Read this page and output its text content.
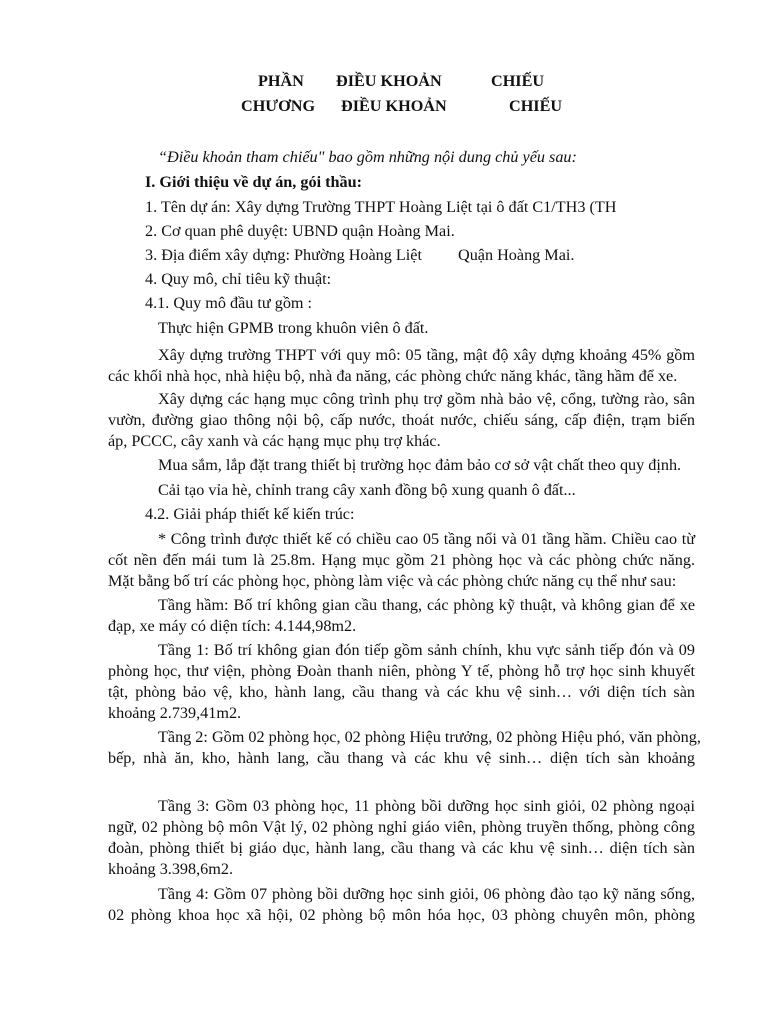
PHẦN ĐIỀU KHOẢN	CHIẾU
CHƯƠNG ĐIỀU KHOẢN	CHIẾU
“Điều khoản tham chiếu" bao gồm những nội dung chủ yếu sau:
I. Giới thiệu về dự án, gói thầu:
1. Tên dự án: Xây dựng Trường THPT Hoàng Liệt tại ô đất C1/TH3 (TH
2. Cơ quan phê duyệt: UBND quận Hoàng Mai.
3. Địa điểm xây dựng: Phường Hoàng Liệt Quận Hoàng Mai.
4. Quy mô, chỉ tiêu kỹ thuật:
4.1. Quy mô đầu tư gồm :
Thực hiện GPMB trong khuôn viên ô đất.
Xây dựng trường THPT với quy mô: 05 tầng, mật độ xây dựng khoảng 45% gồm
các khối nhà học, nhà hiệu bộ, nhà đa năng, các phòng chức năng khác, tầng hầm để xe.
Xây dựng các hạng mục công trình phụ trợ gồm nhà bảo vệ, cổng, tường rào, sân
vườn, đường giao thông nội bộ, cấp nước, thoát nước, chiếu sáng, cấp điện, trạm biến
áp, PCCC, cây xanh và các hạng mục phụ trợ khác.
Mua sắm, lắp đặt trang thiết bị trường học đảm bảo cơ sở vật chất theo quy định.
Cải tạo vỉa hè, chỉnh trang cây xanh đồng bộ xung quanh ô đất...
4.2. Giải pháp thiết kế kiến trúc:
* Công trình được thiết kế có chiều cao 05 tầng nổi và 01 tầng hầm. Chiều cao từ
cốt nền đến mái tum là 25.8m. Hạng mục gồm 21 phòng học và các phòng chức năng.
Mặt bằng bố trí các phòng học, phòng làm việc và các phòng chức năng cụ thể như sau:
Tầng hầm: Bố trí không gian cầu thang, các phòng kỹ thuật, và không gian để xe
đạp, xe máy có diện tích: 4.144,98m2.
Tầng 1: Bố trí không gian đón tiếp gồm sảnh chính, khu vực sảnh tiếp đón và 09
phòng học, thư viện, phòng Đoàn thanh niên, phòng Y tế, phòng hỗ trợ học sinh khuyết
tật, phòng bảo vệ, kho, hành lang, cầu thang và các khu vệ sinh… với diện tích sàn
khoảng 2.739,41m2.
Tầng 2: Gồm 02 phòng học, 02 phòng Hiệu trưởng, 02 phòng Hiệu phó, văn phòng,
bếp, nhà ăn, kho, hành lang, cầu thang và các khu vệ sinh… diện tích sàn khoảng
Tầng 3: Gồm 03 phòng học, 11 phòng bồi dưỡng học sinh giỏi, 02 phòng ngoại
ngữ, 02 phòng bộ môn Vật lý, 02 phòng nghỉ giáo viên, phòng truyền thống, phòng công
đoàn, phòng thiết bị giáo dục, hành lang, cầu thang và các khu vệ sinh… diện tích sàn
khoảng 3.398,6m2.
Tầng 4: Gồm 07 phòng bồi dưỡng học sinh giỏi, 06 phòng đào tạo kỹ năng sống,
02 phòng khoa học xã hội, 02 phòng bộ môn hóa học, 03 phòng chuyên môn, phòng
